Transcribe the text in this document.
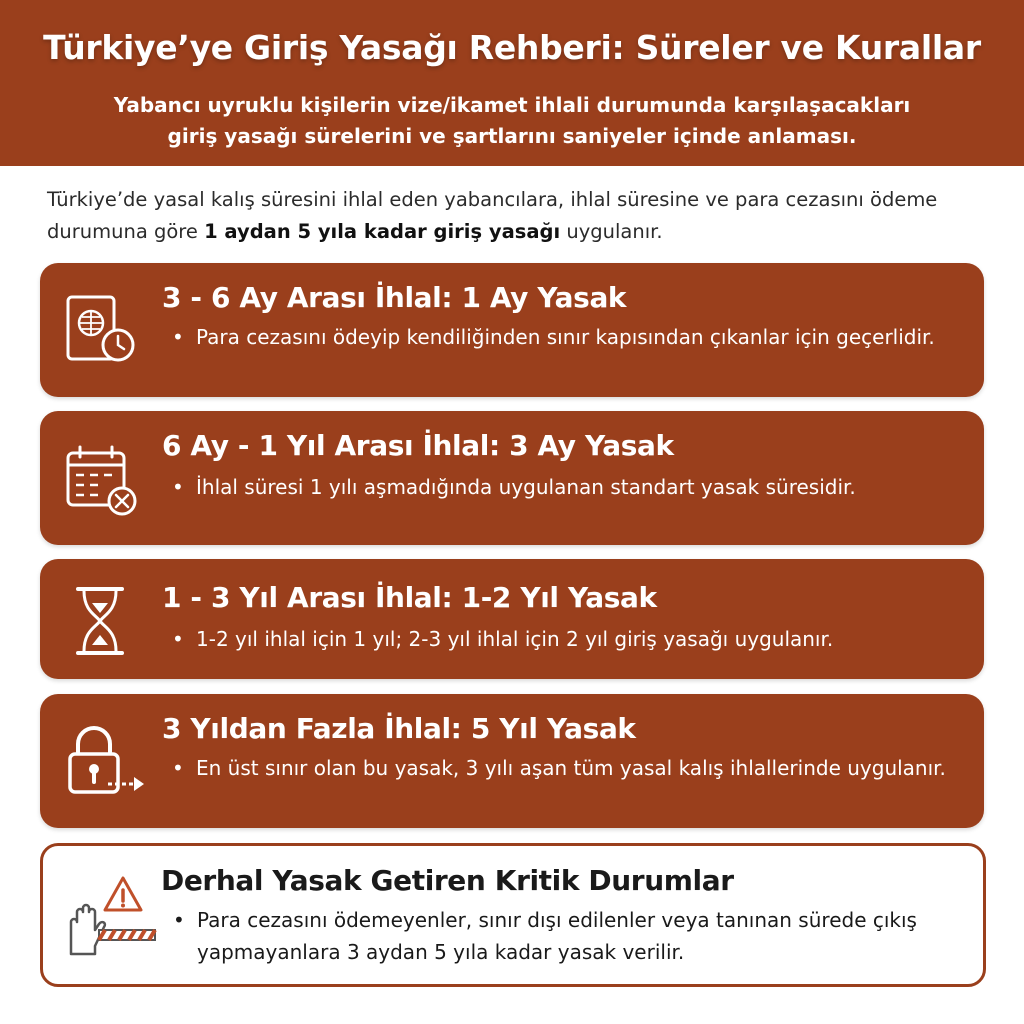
Türkiye’ye Giriş Yasağı Rehberi: Süreler ve Kurallar
Yabancı uyruklu kişilerin vize/ikamet ihlali durumunda karşılaşacakları
giriş yasağı sürelerini ve şartlarını saniyeler içinde anlaması.
Türkiye’de yasal kalış süresini ihlal eden yabancılara, ihlal süresine ve para cezasını ödeme durumuna göre 1 aydan 5 yıla kadar giriş yasağı uygulanır.
3 - 6 Ay Arası İhlal: 1 Ay Yasak
• Para cezasını ödeyip kendiliğinden sınır kapısından çıkanlar için geçerlidir.
6 Ay - 1 Yıl Arası İhlal: 3 Ay Yasak
• İhlal süresi 1 yılı aşmadığında uygulanan standart yasak süresidir.
1 - 3 Yıl Arası İhlal: 1-2 Yıl Yasak
• 1-2 yıl ihlal için 1 yıl; 2-3 yıl ihlal için 2 yıl giriş yasağı uygulanır.
3 Yıldan Fazla İhlal: 5 Yıl Yasak
• En üst sınır olan bu yasak, 3 yılı aşan tüm yasal kalış ihlallerinde uygulanır.
Derhal Yasak Getiren Kritik Durumlar
• Para cezasını ödemeyenler, sınır dışı edilenler veya tanınan sürede çıkış yapmayanlara 3 aydan 5 yıla kadar yasak verilir.
